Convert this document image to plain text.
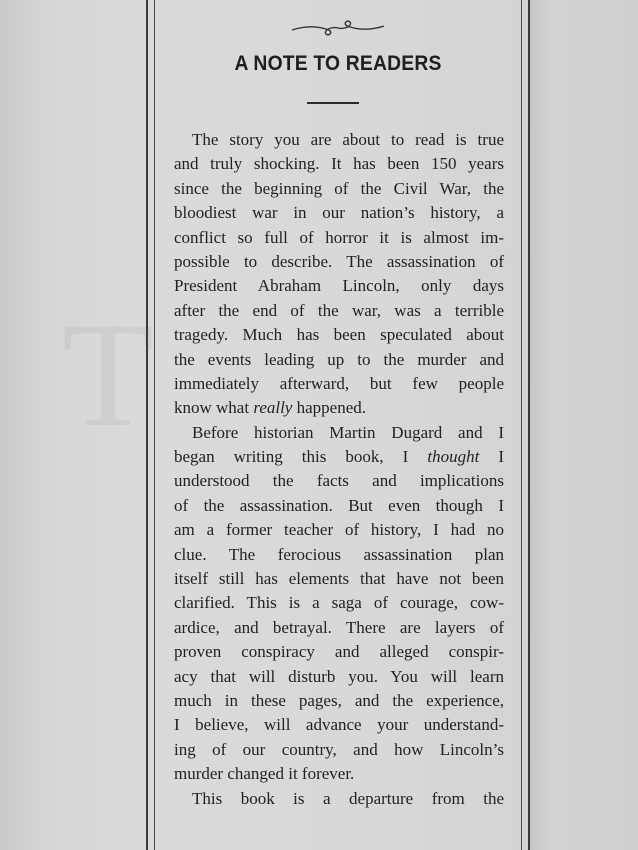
T
A NOTE TO READERS
The story you are about to read is true
and truly shocking. It has been 150 years
since the beginning of the Civil War, the
bloodiest war in our nation’s history, a
conflict so full of horror it is almost im-
possible to describe. The assassination of
President Abraham Lincoln, only days
after the end of the war, was a terrible
tragedy. Much has been speculated about
the events leading up to the murder and
immediately afterward, but few people
know what really happened.
Before historian Martin Dugard and I
began writing this book, I thought I
understood the facts and implications
of the assassination. But even though I
am a former teacher of history, I had no
clue. The ferocious assassination plan
itself still has elements that have not been
clarified. This is a saga of courage, cow-
ardice, and betrayal. There are layers of
proven conspiracy and alleged conspir-
acy that will disturb you. You will learn
much in these pages, and the experience,
I believe, will advance your understand-
ing of our country, and how Lincoln’s
murder changed it forever.
This book is a departure from the
